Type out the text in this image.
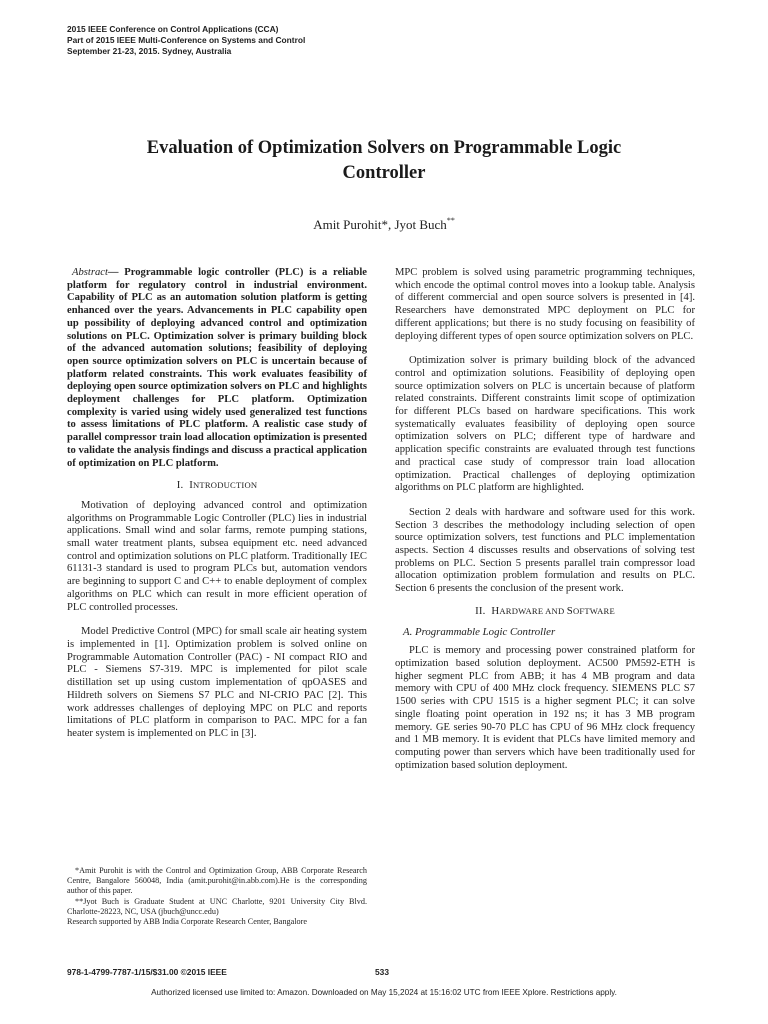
2015 IEEE Conference on Control Applications (CCA)
Part of 2015 IEEE Multi-Conference on Systems and Control
September 21-23, 2015. Sydney, Australia
Evaluation of Optimization Solvers on Programmable Logic
Controller
Amit Purohit*, Jyot Buch**

Abstract— Programmable logic controller (PLC) is a reliable platform for regulatory control in industrial environment. Capability of PLC as an automation solution platform is getting enhanced over the years. Advancements in PLC capability open up possibility of deploying advanced control and optimization solutions on PLC. Optimization solver is primary building block of the advanced automation solutions; feasibility of deploying open source optimization solvers on PLC is uncertain because of platform related constraints. This work evaluates feasibility of deploying open source optimization solvers on PLC and highlights deployment challenges for PLC platform. Optimization complexity is varied using widely used generalized test functions to assess limitations of PLC platform. A realistic case study of parallel compressor train load allocation optimization is presented to validate the analysis findings and discuss a practical application of optimization on PLC platform.

I. INTRODUCTION

Motivation of deploying advanced control and optimization algorithms on Programmable Logic Controller (PLC) lies in industrial applications. Small wind and solar farms, remote pumping stations, small water treatment plants, subsea equipment etc. need advanced control and optimization solutions on PLC platform. Traditionally IEC 61131-3 standard is used to program PLCs but, automation vendors are beginning to support C and C++ to enable deployment of complex algorithms on PLC which can result in more efficient operation of PLC controlled processes.

Model Predictive Control (MPC) for small scale air heating system is implemented in [1]. Optimization problem is solved online on Programmable Automation Controller (PAC) - NI compact RIO and PLC - Siemens S7-319. MPC is implemented for pilot scale distillation set up using custom implementation of qpOASES and Hildreth solvers on Siemens S7 PLC and NI-CRIO PAC [2]. This work addresses challenges of deploying MPC on PLC and reports limitations of PLC platform in comparison to PAC. MPC for a fan heater system is implemented on PLC in [3].

MPC problem is solved using parametric programming techniques, which encode the optimal control moves into a lookup table. Analysis of different commercial and open source solvers is presented in [4]. Researchers have demonstrated MPC deployment on PLC for different applications; but there is no study focusing on feasibility of deploying different types of open source optimization solvers on PLC.

Optimization solver is primary building block of the advanced control and optimization solutions. Feasibility of deploying open source optimization solvers on PLC is uncertain because of platform related constraints. Different constraints limit scope of optimization for different PLCs based on hardware specifications. This work systematically evaluates feasibility of deploying open source optimization solvers on PLC; different type of hardware and application specific constraints are evaluated through test functions and practical case study of compressor train load allocation optimization. Practical challenges of deploying optimization algorithms on PLC platform are highlighted.

Section 2 deals with hardware and software used for this work. Section 3 describes the methodology including selection of open source optimization solvers, test functions and PLC implementation aspects. Section 4 discusses results and observations of solving test problems on PLC. Section 5 presents parallel train compressor load allocation optimization problem formulation and results on PLC. Section 6 presents the conclusion of the present work.

II. HARDWARE AND SOFTWARE
A. Programmable Logic Controller

PLC is memory and processing power constrained platform for optimization based solution deployment. AC500 PM592-ETH is higher segment PLC from ABB; it has 4 MB program and data memory with CPU of 400 MHz clock frequency. SIEMENS PLC S7 1500 series with CPU 1515 is a higher segment PLC; it can solve single floating point operation in 192 ns; it has 3 MB program memory. GE series 90-70 PLC has CPU of 96 MHz clock frequency and 1 MB memory. It is evident that PLCs have limited memory and computing power than servers which have been traditionally used for optimization based solution deployment.

*Amit Purohit is with the Control and Optimization Group, ABB Corporate Research Centre, Bangalore 560048, India (amit.purohit@in.abb.com).He is the corresponding author of this paper.
**Jyot Buch is Graduate Student at UNC Charlotte, 9201 University City Blvd. Charlotte-28223, NC, USA (jbuch@uncc.edu)
Research supported by ABB India Corporate Research Center, Bangalore
978-1-4799-7787-1/15/$31.00 ©2015 IEEE	533
Authorized licensed use limited to: Amazon. Downloaded on May 15,2024 at 15:16:02 UTC from IEEE Xplore. Restrictions apply.
